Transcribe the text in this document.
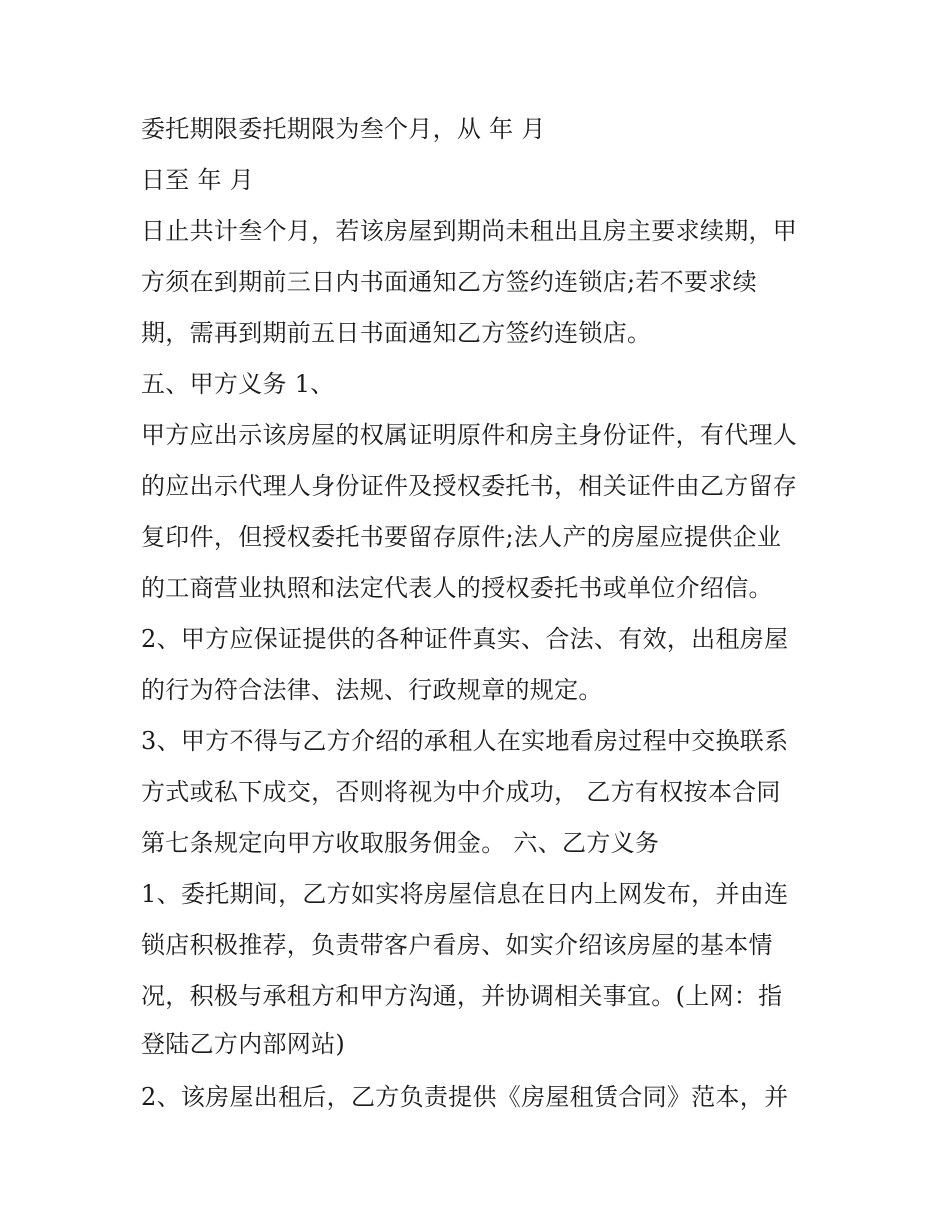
委托期限委托期限为叁个月，从 年 月
日至 年 月
日止共计叁个月，若该房屋到期尚未租出且房主要求续期，甲
方须在到期前三日内书面通知乙方签约连锁店;若不要求续
期，需再到期前五日书面通知乙方签约连锁店。
五、甲方义务 1、
甲方应出示该房屋的权属证明原件和房主身份证件，有代理人
的应出示代理人身份证件及授权委托书，相关证件由乙方留存
复印件，但授权委托书要留存原件;法人产的房屋应提供企业
的工商营业执照和法定代表人的授权委托书或单位介绍信。
2、甲方应保证提供的各种证件真实、合法、有效，出租房屋
的行为符合法律、法规、行政规章的规定。
3、甲方不得与乙方介绍的承租人在实地看房过程中交换联系
方式或私下成交，否则将视为中介成功， 乙方有权按本合同
第七条规定向甲方收取服务佣金。 六、乙方义务
1、委托期间，乙方如实将房屋信息在日内上网发布，并由连
锁店积极推荐，负责带客户看房、如实介绍该房屋的基本情
况，积极与承租方和甲方沟通，并协调相关事宜。(上网：指
登陆乙方内部网站)
2、该房屋出租后，乙方负责提供《房屋租赁合同》范本，并
